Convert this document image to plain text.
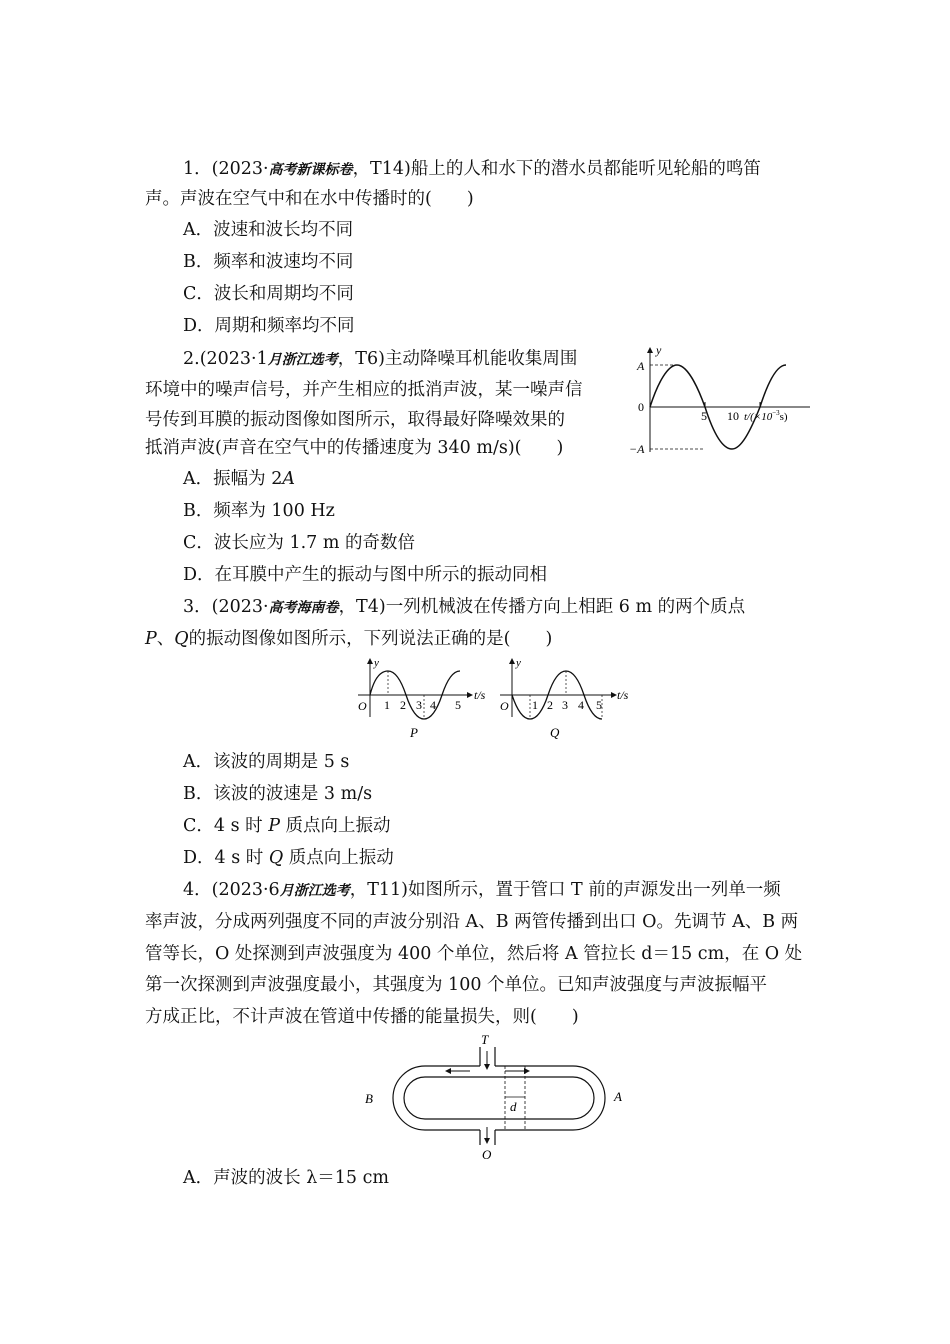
1．(2023·高考新课标卷，T14)船上的人和水下的潜水员都能听见轮船的鸣笛
声。声波在空气中和在水中传播时的(　　)
A．波速和波长均不同
B．频率和波速均不同
C．波长和周期均不同
D．周期和频率均不同
2.(2023·1月浙江选考，T6)主动降噪耳机能收集周围
环境中的噪声信号，并产生相应的抵消声波，某一噪声信
号传到耳膜的振动图像如图所示，取得最好降噪效果的
抵消声波(声音在空气中的传播速度为 340 m/s)(　　)
A．振幅为 2A
B．频率为 100 Hz
C．波长应为 1.7 m 的奇数倍
D．在耳膜中产生的振动与图中所示的振动同相
y
A
−A
0
5 10 $t/(\times 10^{-3}s)$
3．(2023·高考海南卷，T4)一列机械波在传播方向上相距 6 m 的两个质点
P、Q的振动图像如图所示，下列说法正确的是(　　)
y
O 1 2 3 4 5
t/s
P
y
O 1 2 3 4 5
t/s
Q
A．该波的周期是 5 s
B．该波的波速是 3 m/s
C．4 s 时 P 质点向上振动
D．4 s 时 Q 质点向上振动
4．(2023·6月浙江选考，T11)如图所示，置于管口 T 前的声源发出一列单一频
率声波，分成两列强度不同的声波分别沿 A、B 两管传播到出口 O。先调节 A、B 两
管等长，O 处探测到声波强度为 400 个单位，然后将 A 管拉长 d＝15 cm，在 O 处
第一次探测到声波强度最小，其强度为 100 个单位。已知声波强度与声波振幅平
方成正比，不计声波在管道中传播的能量损失，则(　　)
T
O
B	A
d
A．声波的波长 λ＝15 cm
